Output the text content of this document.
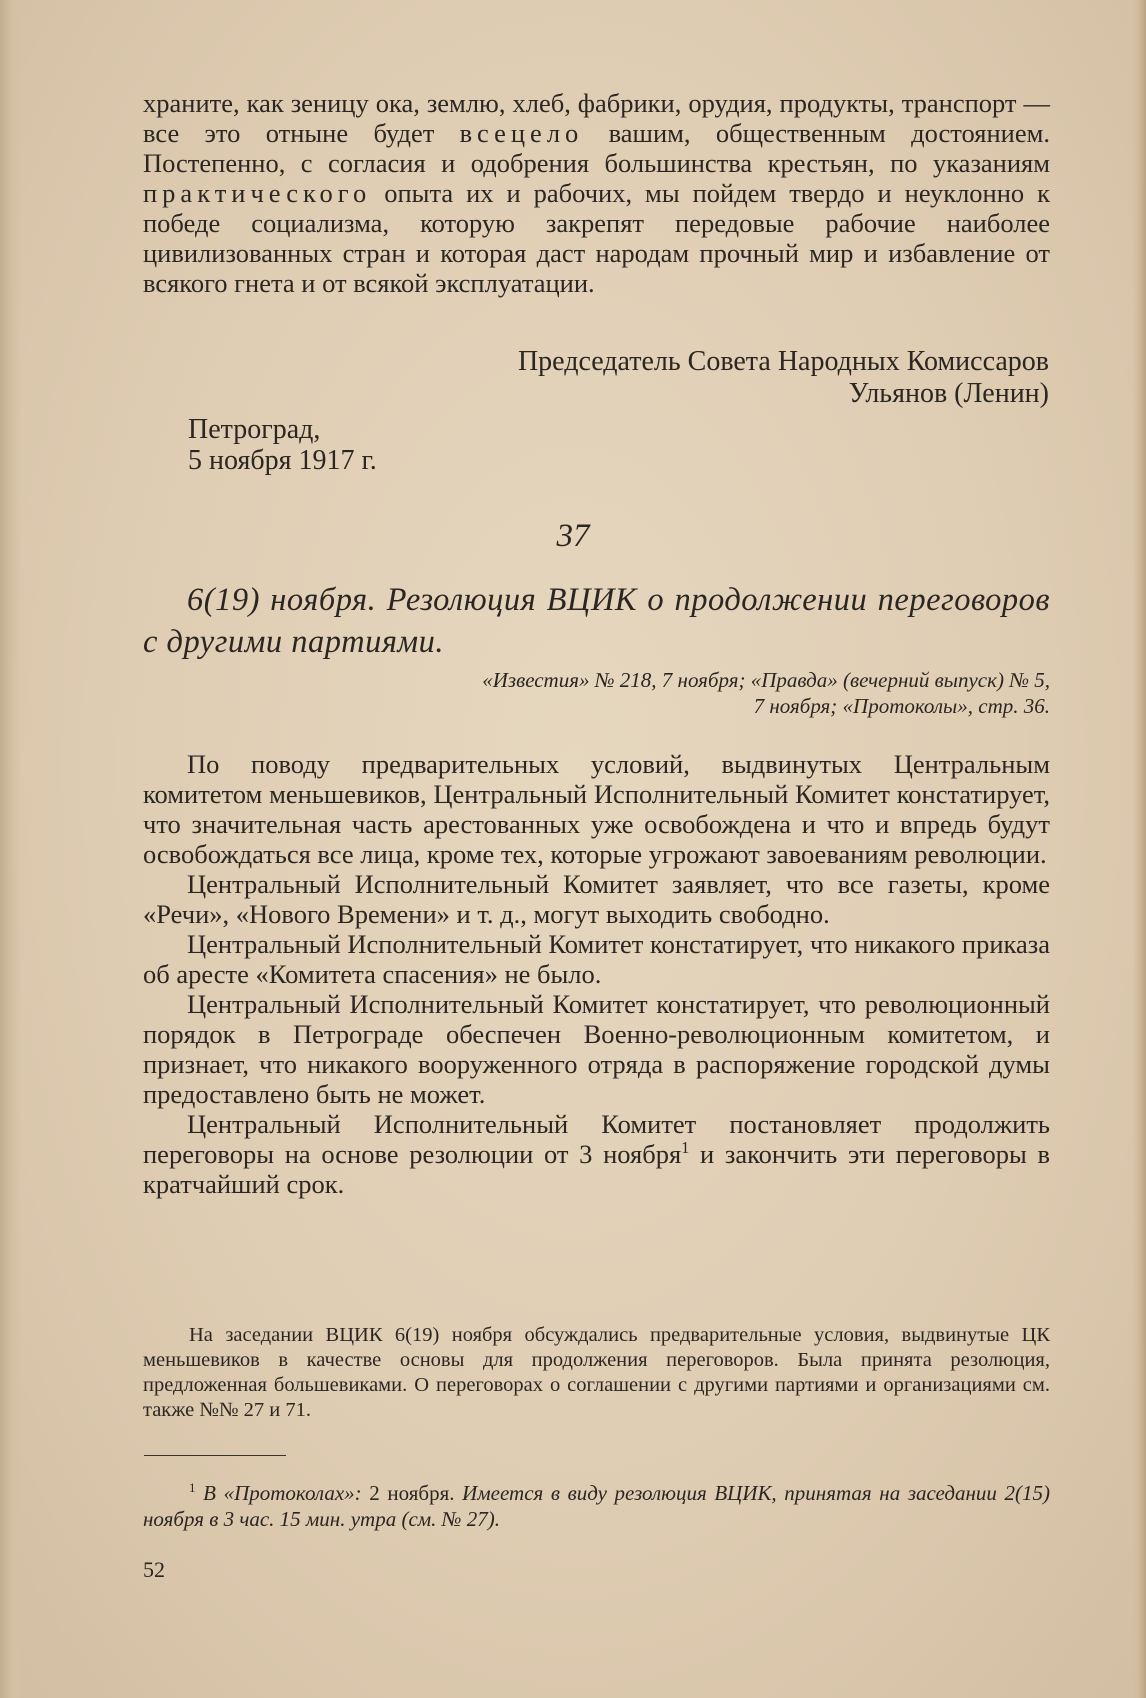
храните, как зеницу ока, землю, хлеб, фабрики, орудия, продукты, транспорт — все это отныне будет всецело вашим, общественным достоянием. Постепенно, с согласия и одобрения большинства крестьян, по указаниям практического опыта их и рабочих, мы пойдем твердо и неуклонно к победе социализма, которую закрепят передовые рабочие наиболее цивилизованных стран и которая даст народам прочный мир и избавление от всякого гнета и от всякой эксплуатации.

Председатель Совета Народных Комиссаров
Ульянов (Ленин)
Петроград,
5 ноября 1917 г.
37

6(19) ноября. Резолюция ВЦИК о продолжении переговоров с другими партиями.

«Известия» № 218, 7 ноября; «Правда» (вечерний выпуск) № 5,
7 ноября; «Протоколы», стр. 36.

По поводу предварительных условий, выдвинутых Центральным комитетом меньшевиков, Центральный Исполнительный Комитет констатирует, что значительная часть арестованных уже освобождена и что и впредь будут освобождаться все лица, кроме тех, которые угрожают завоеваниям революции.

Центральный Исполнительный Комитет заявляет, что все газеты, кроме «Речи», «Нового Времени» и т. д., могут выходить свободно.

Центральный Исполнительный Комитет констатирует, что никакого приказа об аресте «Комитета спасения» не было.

Центральный Исполнительный Комитет констатирует, что революционный порядок в Петрограде обеспечен Военно-революционным комитетом, и признает, что никакого вооруженного отряда в распоряжение городской думы предоставлено быть не может.

Центральный Исполнительный Комитет постановляет продолжить переговоры на основе резолюции от 3 ноября$^1$ и закончить эти переговоры в кратчайший срок.

На заседании ВЦИК 6(19) ноября обсуждались предварительные условия, выдвинутые ЦК меньшевиков в качестве основы для продолжения переговоров. Была принята резолюция, предложенная большевиками. О переговорах о соглашении с другими партиями и организациями см. также №№ 27 и 71.

$^1$ В «Протоколах»: 2 ноября. Имеется в виду резолюция ВЦИК, принятая на заседании 2(15) ноября в 3 час. 15 мин. утра (см. № 27).

52
